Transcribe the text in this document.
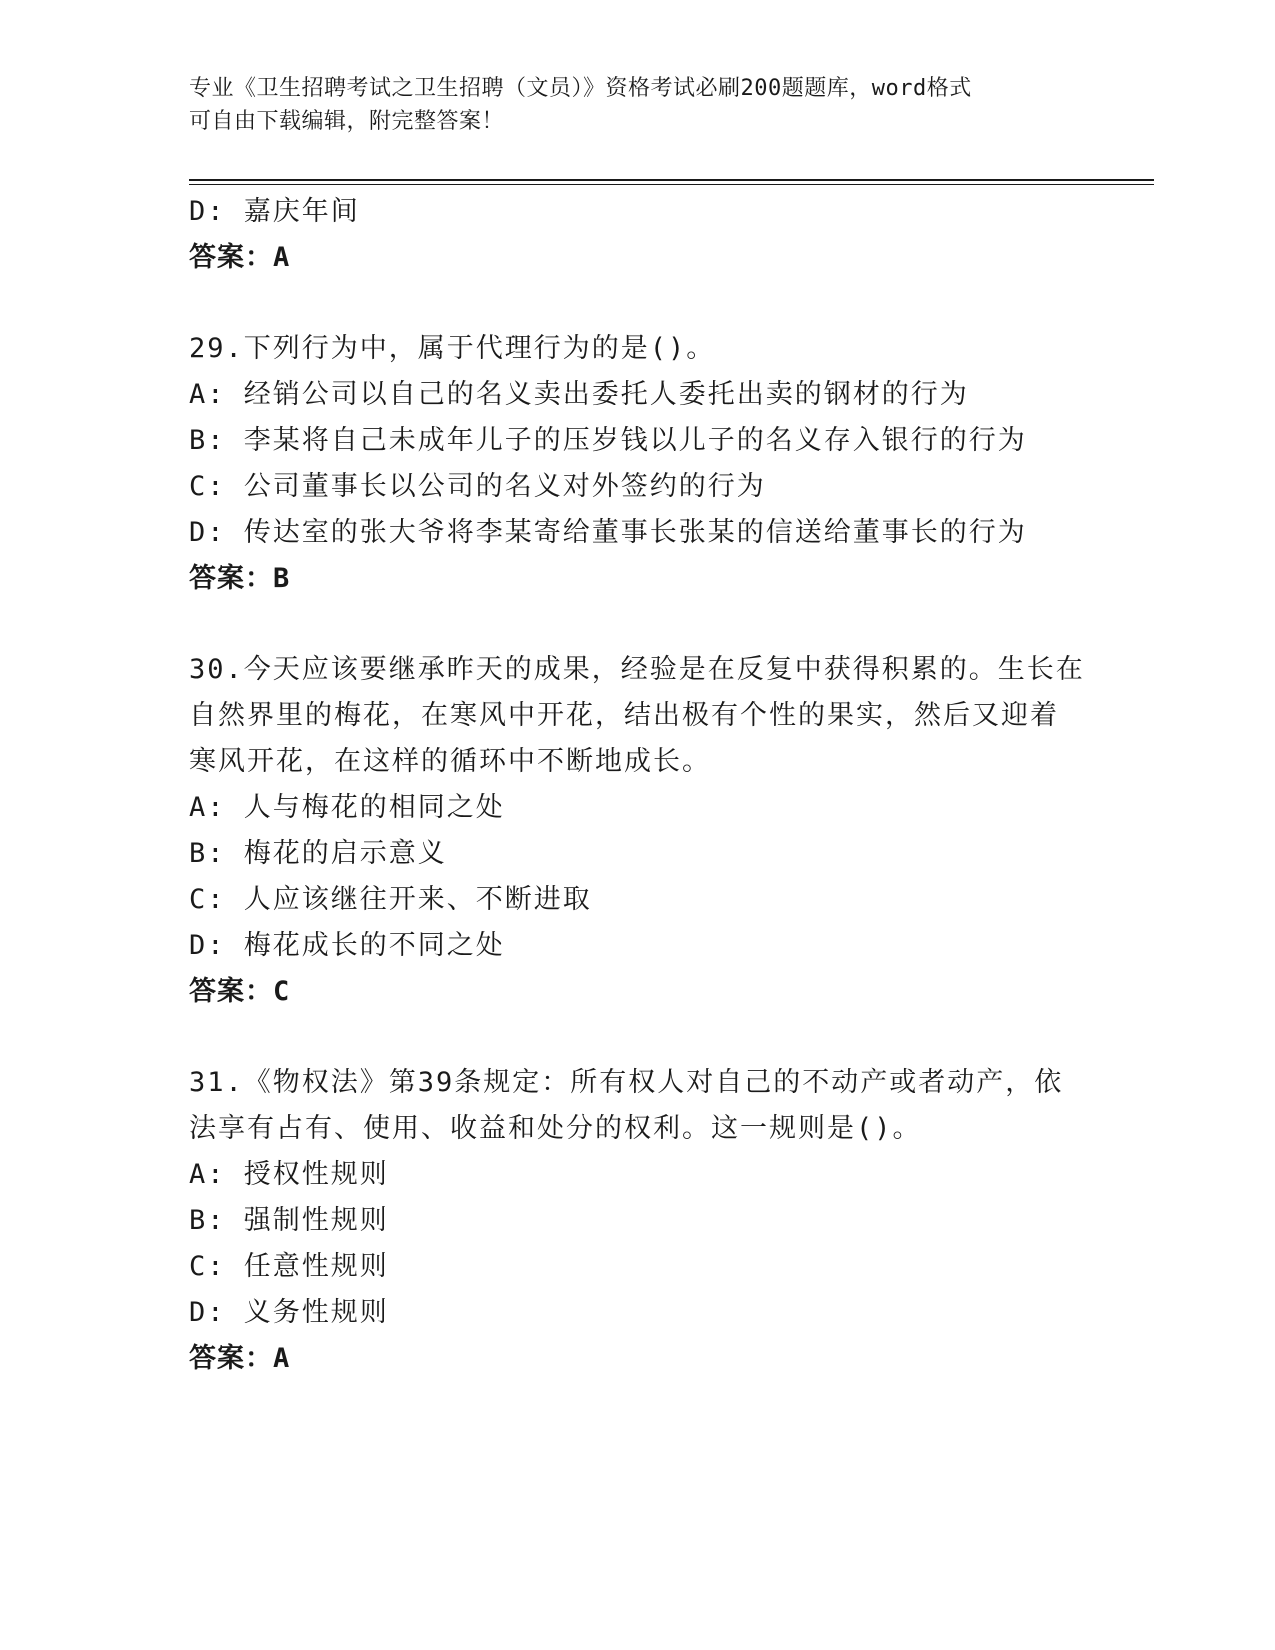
专业《卫生招聘考试之卫生招聘（文员）》资格考试必刷200题题库，word格式
可自由下载编辑，附完整答案！
D: 嘉庆年间
答案：A
29.下列行为中，属于代理行为的是()。
A: 经销公司以自己的名义卖出委托人委托出卖的钢材的行为
B: 李某将自己未成年儿子的压岁钱以儿子的名义存入银行的行为
C: 公司董事长以公司的名义对外签约的行为
D: 传达室的张大爷将李某寄给董事长张某的信送给董事长的行为
答案：B
30.今天应该要继承昨天的成果，经验是在反复中获得积累的。生长在
自然界里的梅花，在寒风中开花，结出极有个性的果实，然后又迎着
寒风开花，在这样的循环中不断地成长。
A: 人与梅花的相同之处
B: 梅花的启示意义
C: 人应该继往开来、不断进取
D: 梅花成长的不同之处
答案：C
31.《物权法》第39条规定：所有权人对自己的不动产或者动产，依
法享有占有、使用、收益和处分的权利。这一规则是()。
A: 授权性规则
B: 强制性规则
C: 任意性规则
D: 义务性规则
答案：A
